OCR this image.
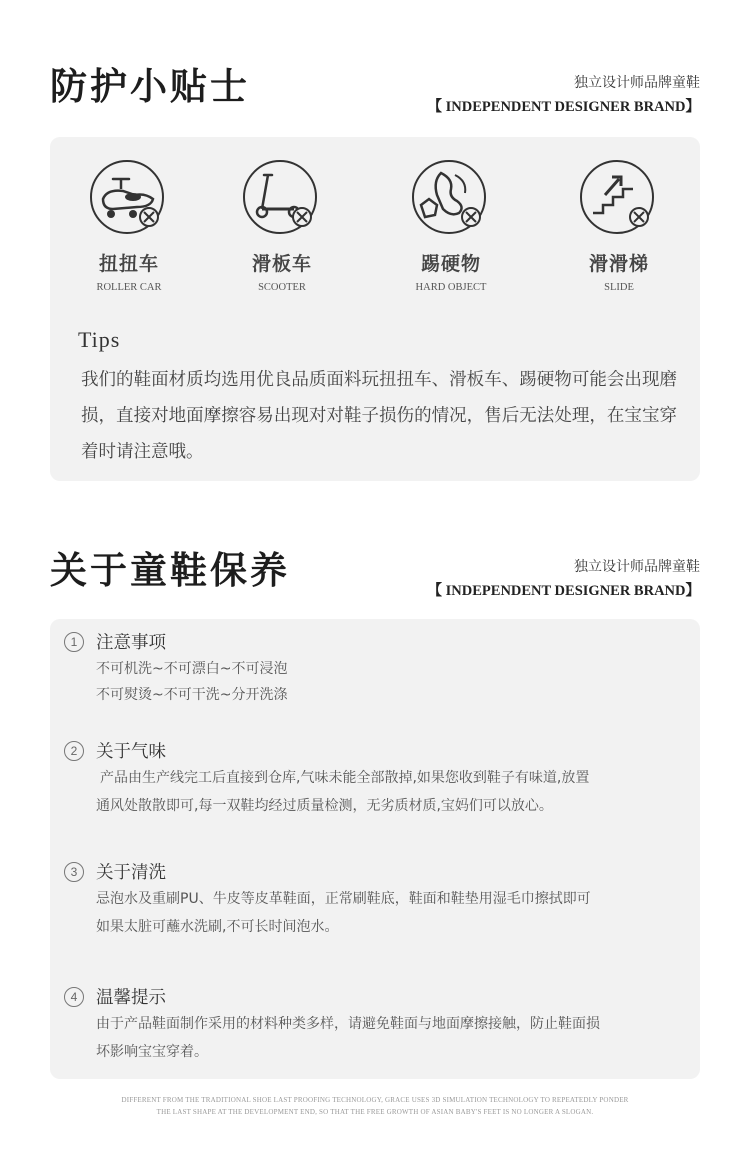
防护小贴士	独立设计师品牌童鞋
【 INDEPENDENT DESIGNER BRAND】
扭扭车
ROLLER CAR
滑板车
SCOOTER
踢硬物
HARD OBJECT
滑滑梯
SLIDE
Tips
我们的鞋面材质均选用优良品质面料玩扭扭车、滑板车、踢硬物可能会出现磨损，直接对地面摩擦容易出现对对鞋子损伤的情况，售后无法处理，在宝宝穿着时请注意哦。
关于童鞋保养	独立设计师品牌童鞋
【 INDEPENDENT DESIGNER BRAND】
1	注意事项
不可机洗~不可漂白~不可浸泡
不可熨烫~不可干洗~分开洗涤
2	关于气味
产品由生产线完工后直接到仓库,气味未能全部散掉,如果您收到鞋子有味道,放置
通风处散散即可,每一双鞋均经过质量检测，无劣质材质,宝妈们可以放心。
3	关于清洗
忌泡水及重刷PU、牛皮等皮革鞋面，正常刷鞋底，鞋面和鞋垫用湿毛巾擦拭即可
如果太脏可蘸水洗刷,不可长时间泡水。
4	温馨提示
由于产品鞋面制作采用的材料种类多样，请避免鞋面与地面摩擦接触，防止鞋面损
坏影响宝宝穿着。
DIFFERENT FROM THE TRADITIONAL SHOE LAST PROOFING TECHNOLOGY, GRACE USES 3D SIMULATION TECHNOLOGY TO REPEATEDLY PONDER
THE LAST SHAPE AT THE DEVELOPMENT END, SO THAT THE FREE GROWTH OF ASIAN BABY'S FEET IS NO LONGER A SLOGAN.
